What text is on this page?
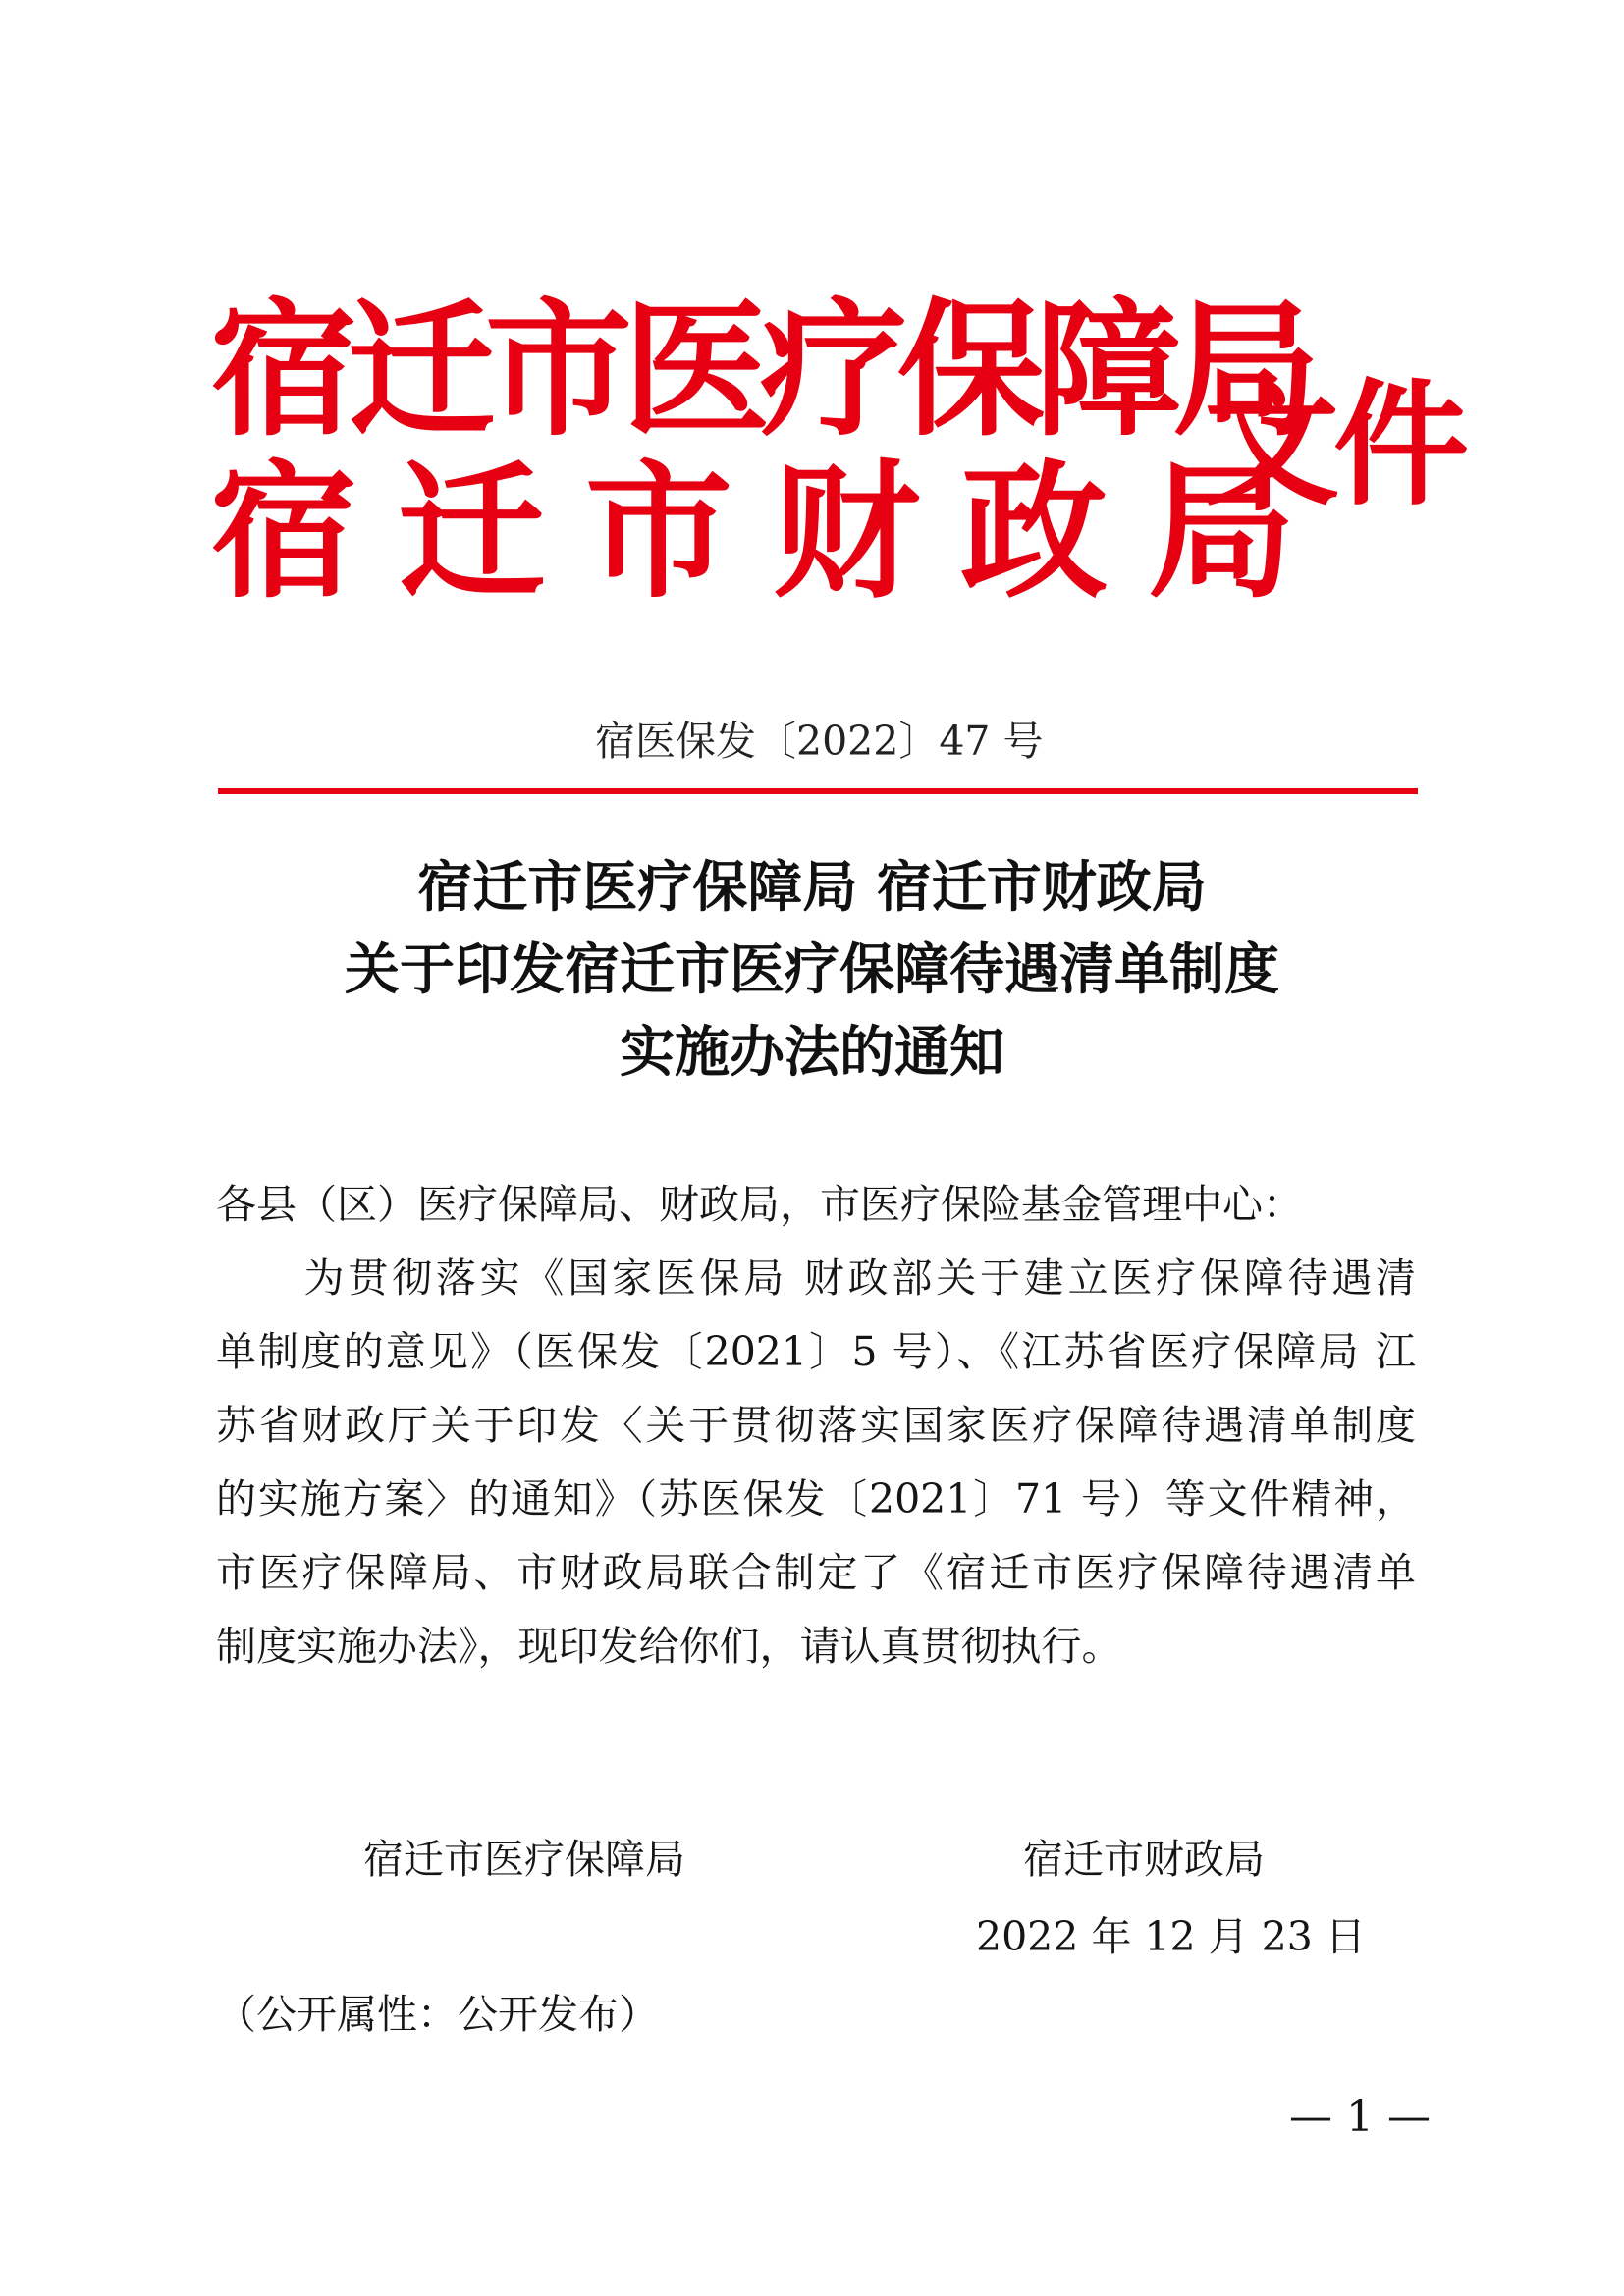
宿迁市医疗保障局
宿迁市财政局
文件
宿医保发〔2022〕47 号
宿迁市医疗保障局 宿迁市财政局
关于印发宿迁市医疗保障待遇清单制度
实施办法的通知
各县（区）医疗保障局、财政局，市医疗保险基金管理中心：
　　为贯彻落实《国家医保局 财政部关于建立医疗保障待遇清
单制度的意见》（医保发〔2021〕5 号）、《江苏省医疗保障局 江
苏省财政厅关于印发〈关于贯彻落实国家医疗保障待遇清单制度
的实施方案〉的通知》（苏医保发〔2021〕71 号）等文件精神，
市医疗保障局、市财政局联合制定了《宿迁市医疗保障待遇清单
制度实施办法》，现印发给你们，请认真贯彻执行。
宿迁市医疗保障局	宿迁市财政局
2022 年 12 月 23 日
（公开属性：公开发布）
— 1 —
